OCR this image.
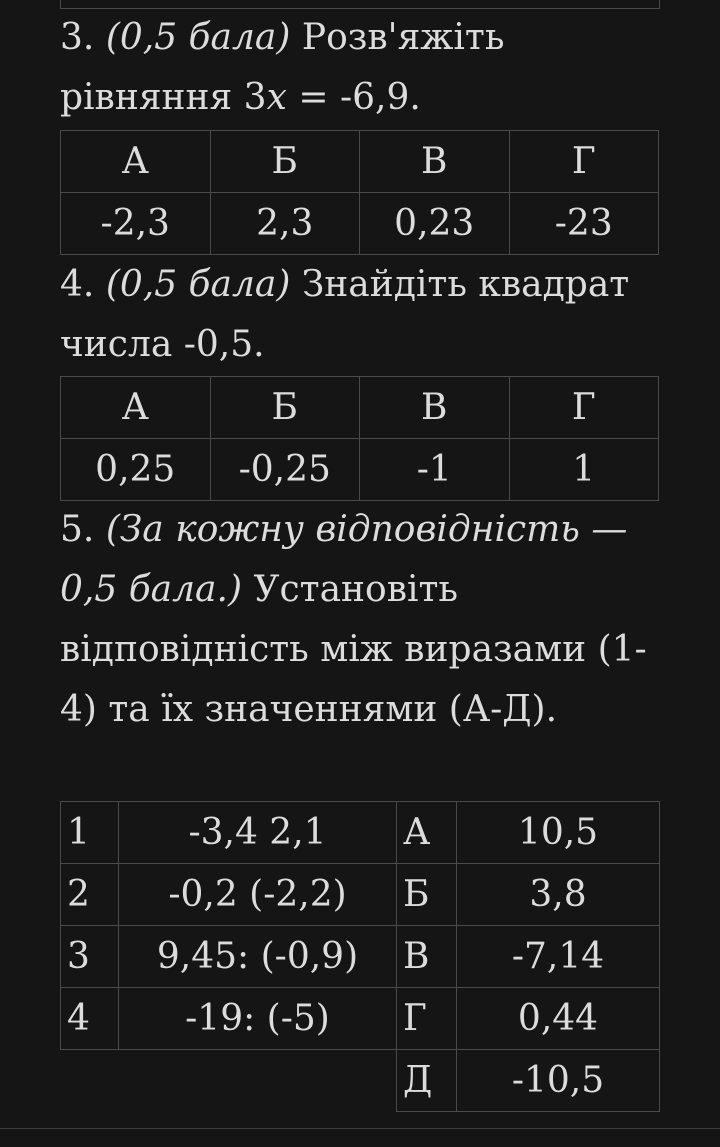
3. (0,5 бала) Розв'яжіть рівняння 3x = -6,9.

А	Б	В	Г
-2,3	2,3	0,23	-23

4. (0,5 бала) Знайдіть квадрат числа -0,5.

А	Б	В	Г
0,25	-0,25	-1	1

5. (За кожну відповідність — 0,5 бала.) Установіть відповідність між виразами (1-4) та їх значеннями (А-Д).

1	-3,4 2,1	А	10,5
2	-0,2 (-2,2)	Б	3,8
3	9,45: (-0,9)	В	-7,14
4	-19: (-5)	Г	0,44
		Д	-10,5
